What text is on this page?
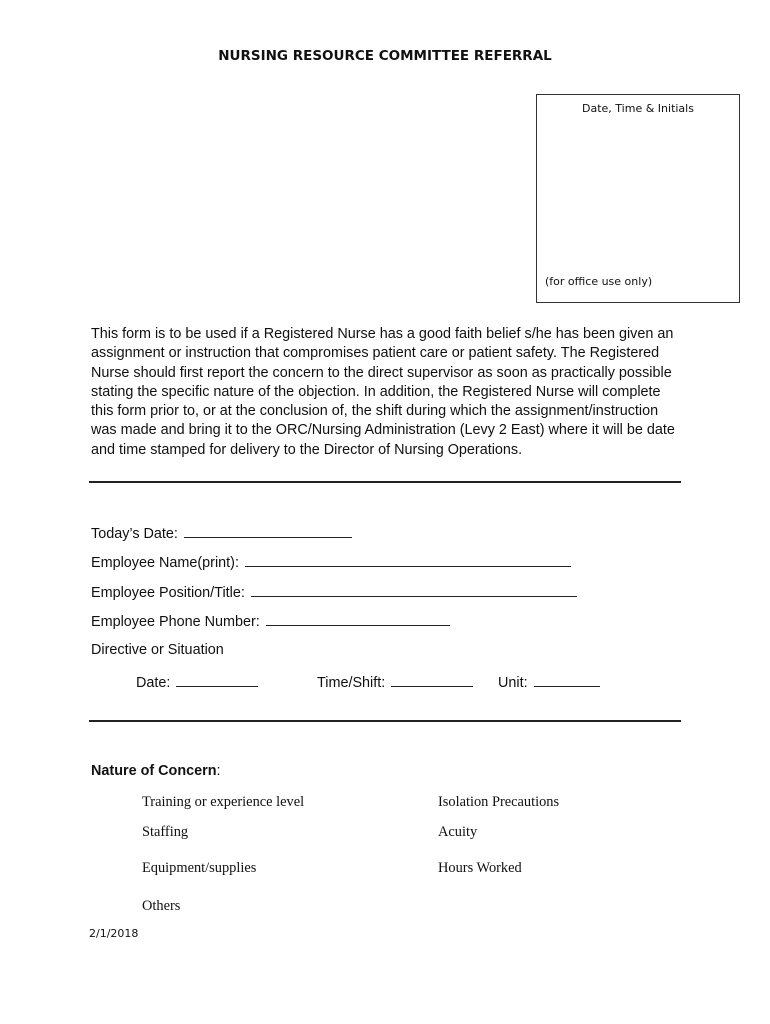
NURSING RESOURCE COMMITTEE REFERRAL
Date, Time & Initials
(for office use only)
This form is to be used if a Registered Nurse has a good faith belief s/he has been given an assignment or instruction that compromises patient care or patient safety. The Registered Nurse should first report the concern to the direct supervisor as soon as practically possible stating the specific nature of the objection. In addition, the Registered Nurse will complete this form prior to, or at the conclusion of, the shift during which the assignment/instruction was made and bring it to the ORC/Nursing Administration (Levy 2 East) where it will be date and time stamped for delivery to the Director of Nursing Operations.
Today’s Date:
Employee Name(print):
Employee Position/Title:
Employee Phone Number:
Directive or Situation
Date:	Time/Shift:	Unit:
Nature of Concern:
Training or experience level
Staffing
Equipment/supplies
Others
Isolation Precautions
Acuity
Hours Worked
2/1/2018
